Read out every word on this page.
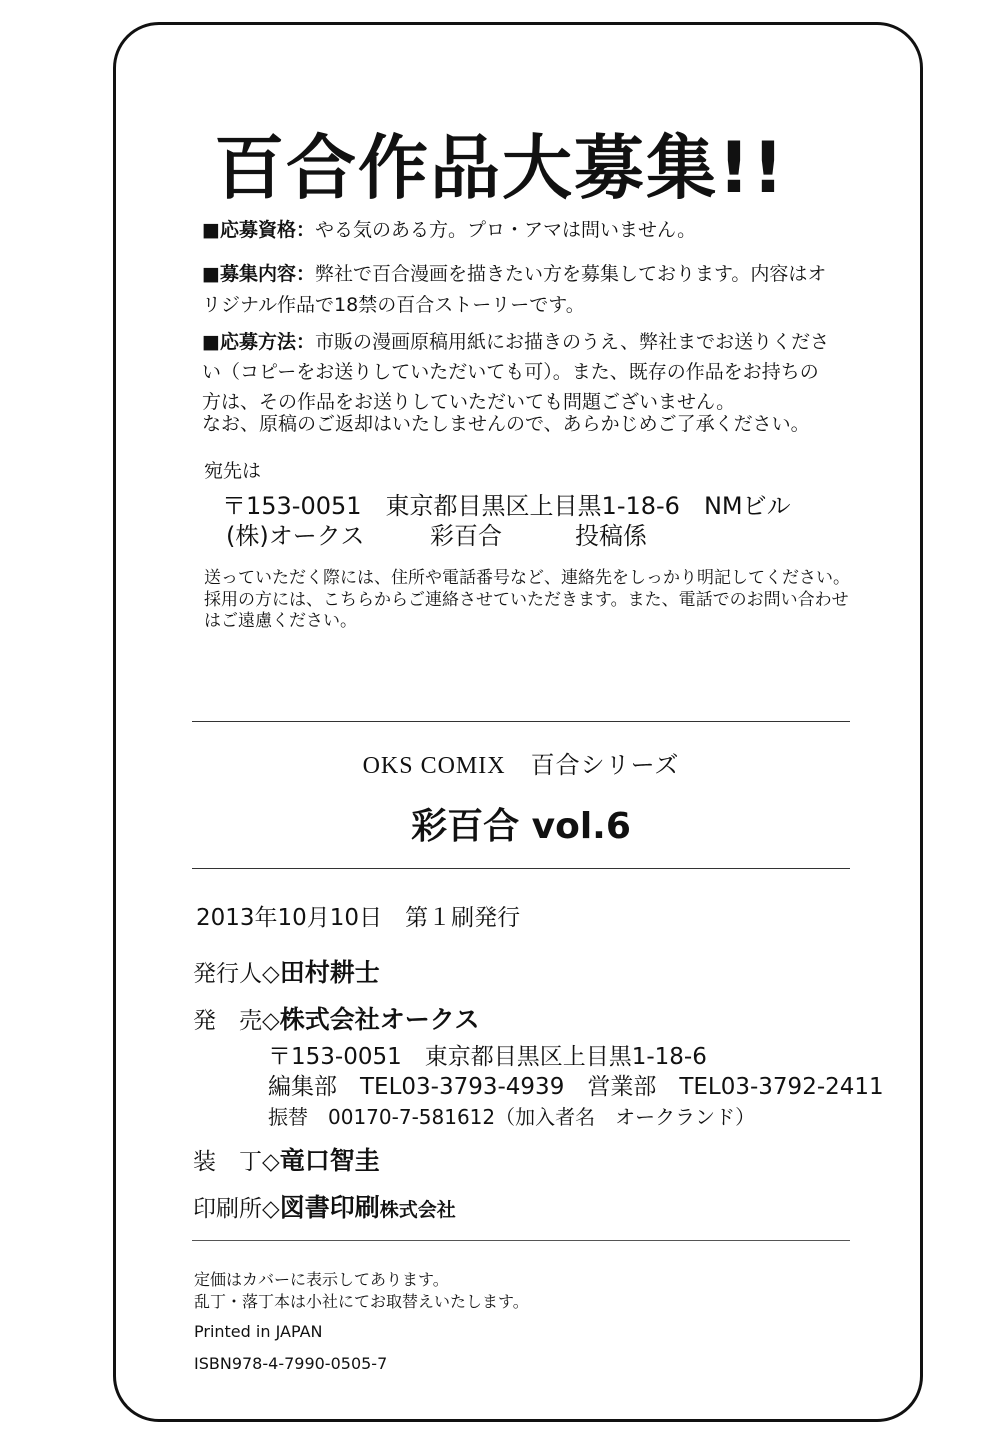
百合作品大募集!!
■応募資格：やる気のある方。プロ・アマは問いません。
■募集内容：弊社で百合漫画を描きたい方を募集しております。内容はオ
リジナル作品で18禁の百合ストーリーです。
■応募方法：市販の漫画原稿用紙にお描きのうえ、弊社までお送りくださ
い（コピーをお送りしていただいても可）。また、既存の作品をお持ちの
方は、その作品をお送りしていただいても問題ございません。
なお、原稿のご返却はいたしませんので、あらかじめご了承ください。
宛先は
〒153-0051　東京都目黒区上目黒1-18-6　NMビル
(株)オークス	彩百合	投稿係
送っていただく際には、住所や電話番号など、連絡先をしっかり明記してください。
採用の方には、こちらからご連絡させていただきます。また、電話でのお問い合わせ
はご遠慮ください。
OKS COMIX　百合シリーズ
彩百合 vol.6
2013年10月10日　第１刷発行
発行人◇田村耕士
発　売◇株式会社オークス
〒153-0051　東京都目黒区上目黒1-18-6
編集部　TEL03-3793-4939　営業部　TEL03-3792-2411
振替　00170-7-581612（加入者名　オークランド）
装　丁◇竜口智圭
印刷所◇図書印刷株式会社
定価はカバーに表示してあります。
乱丁・落丁本は小社にてお取替えいたします。
Printed in JAPAN
ISBN978-4-7990-0505-7
